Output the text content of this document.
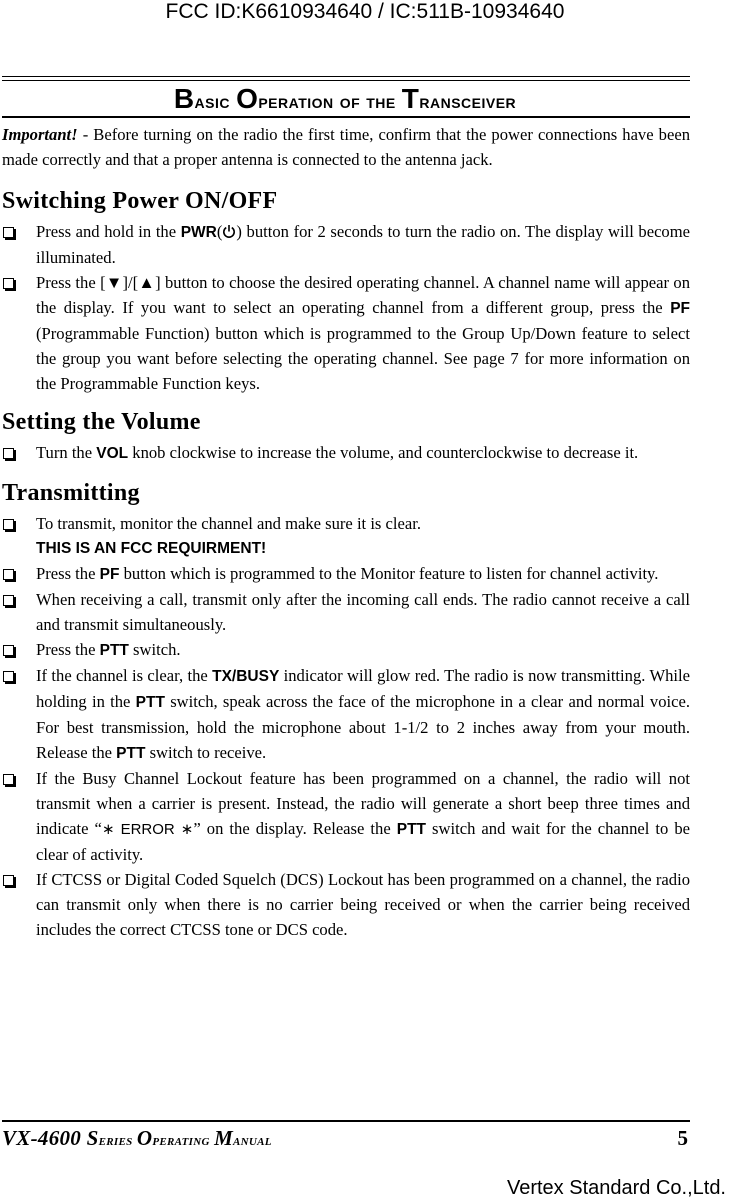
FCC ID:K6610934640 / IC:511B-10934640
Basic Operation of the Transceiver

Important! - Before turning on the radio the first time, confirm that the power connections have been made correctly and that a proper antenna is connected to the antenna jack.

Switching Power ON/OFF
Press and hold in the PWR( ) button for 2 seconds to turn the radio on. The display will become illuminated.
Press the [▼]/[▲] button to choose the desired operating channel. A channel name will appear on the display. If you want to select an operating channel from a different group, press the PF (Programmable Function) button which is programmed to the Group Up/Down feature to select the group you want before selecting the operating channel. See page 7 for more information on the Programmable Function keys.
Setting the Volume
Turn the VOL knob clockwise to increase the volume, and counterclockwise to decrease it.
Transmitting
To transmit, monitor the channel and make sure it is clear.
THIS IS AN FCC REQUIRMENT!
Press the PF button which is programmed to the Monitor feature to listen for channel activity.
When receiving a call, transmit only after the incoming call ends. The radio cannot receive a call and transmit simultaneously.
Press the PTT switch.
If the channel is clear, the TX/BUSY indicator will glow red. The radio is now transmitting. While holding in the PTT switch, speak across the face of the microphone in a clear and normal voice. For best transmission, hold the microphone about 1-1/2 to 2 inches away from your mouth. Release the PTT switch to receive.
If the Busy Channel Lockout feature has been programmed on a channel, the radio will not transmit when a carrier is present. Instead, the radio will generate a short beep three times and indicate “∗ ERROR ∗” on the display. Release the PTT switch and wait for the channel to be clear of activity.
If CTCSS or Digital Coded Squelch (DCS) Lockout has been programmed on a channel, the radio can transmit only when there is no carrier being received or when the carrier being received includes the correct CTCSS tone or DCS code.
VX-4600 Series Operating Manual	5
Vertex Standard Co.,Ltd.
